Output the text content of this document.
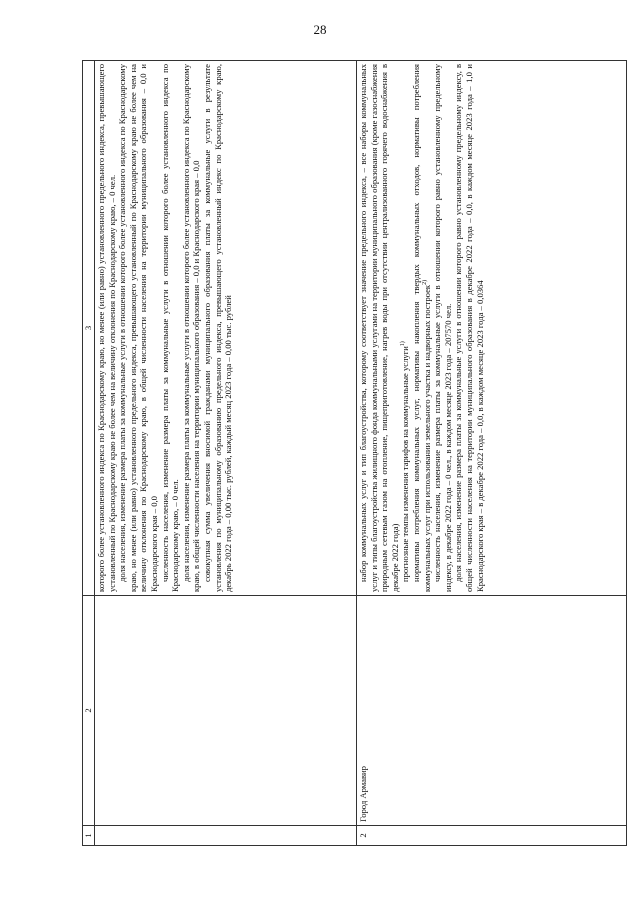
28
1	2	3

		которого более установленного индекса по Краснодарскому краю, но менее (или равно) установленного предельного индекса, превышающего установленный по Краснодарскому краю не более чем на величину отклонения по Краснодарскому краю, – 0 чел. доля населения, изменение размера платы за коммунальные услуги в отношении которого более установленного индекса по Краснодарскому краю, но менее (или равно) установленного предельного индекса, превышающего установленный по Краснодарскому краю не более чем на величину отклонения по Краснодарскому краю, в общей численности населения на территории муниципального образования – 0,0 и Краснодарского края – 0,0 численность населения, изменение размера платы за коммунальные услуги в отношении которого более установленного индекса по Краснодарскому краю, – 0 чел. доля населения, изменение размера платы за коммунальные услуги в отношении которого более установленного индекса по Краснодарскому краю, в общей численности населения на территории муниципального образования – 0,0 и Краснодарского края – 0,0 совокупная сумма увеличения вносимой гражданами муниципального образования платы за коммунальные услуги в результате установления по муниципальному образованию предельного индекса, превышающего установленный индекс по Краснодарскому краю, декабрь 2022 года – 0,00 тыс. рублей, каждый месяц 2023 года – 0,00 тыс. рублей

2	Город Армавир	набор коммунальных услуг и тип благоустройства, которому соответствует значение предельного индекса, – все наборы коммунальных услуг и типы благоустройства жилищного фонда коммунальными услугами на территории муниципального образования (кроме газоснабжения природным сетевым газом на отопление, пищеприготовление, нагрев воды при отсутствии централизованного горячего водоснабжения в декабре 2022 года) прогнозные темпы изменения тарифов на коммунальные услуги$^{1)}$ нормативы потребления коммунальных услуг, нормативы накопления твердых коммунальных отходов, нормативы потребления коммунальных услуг при использовании земельного участка и надворных построек$^{2)}$ численность населения, изменение размера платы за коммунальные услуги в отношении которого равно установленному предельному индексу, в декабре 2022 года – 0 чел., в каждом месяце 2023 года – 207570 чел. доля населения, изменение размера платы за коммунальные услуги в отношении которого равно установленному предельному индексу, в общей численности населения на территории муниципального образования в декабре 2022 года – 0,0, в каждом месяце 2023 года – 1,0 и Краснодарского края – в декабре 2022 года – 0,0, в каждом месяце 2023 года – 0,0364
